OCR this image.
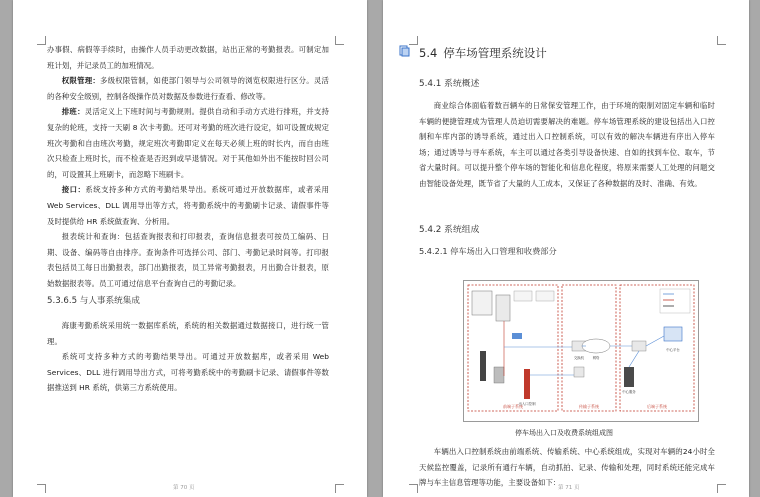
办事假、病假等手续时，由操作人员手动更改数据，站出正常的考勤报表。可制定加班计划，并记录员工的加班情况。

权限管理：多级权限管制，如使部门领导与公司领导的浏览权限进行区分。灵活的各种安全级别，控制各级操作员对数据及参数进行查看、修改等。

排班：灵活定义上下班时间与考勤规则。提供自动和手动方式进行排班，并支持复杂的轮班，支持一天刷 8 次卡考勤。还可对考勤的班次进行设定，如可设置成规定班次考勤和自由班次考勤，规定班次考勤即定义在每天必须上班的时长内，而自由班次只检查上班时长，而不检查是否迟到或早退情况。对于其他如外出不能按时回公司的，可设置其上班刷卡，而忽略下班刷卡。

接口：系统支持多种方式的考勤结果导出。系统可通过开放数据库，或者采用 Web Services、DLL 调用导出等方式，将考勤系统中的考勤刷卡记录、请假事件等及时提供给 HR 系统做查询、分析用。

报表统计和查询：包括查询报表和打印报表，查询信息报表可按员工编码、日期、设备、编码等自由排序。查询条件可选择公司、部门、考勤记录时间等。打印报表包括员工每日出勤报表，部门出勤报表，员工异常考勤报表，月出勤合计报表，原始数据报表等。员工可通过信息平台查询自己的考勤记录。

5.3.6.5 与人事系统集成

海康考勤系统采用统一数据库系统，系统的相关数据通过数据接口，进行统一管理。

系统可支持多种方式的考勤结果导出。可通过开放数据库，或者采用 Web Services、DLL 进行调用导出方式，可将考勤系统中的考勤刷卡记录、请假事件等数据推送到 HR 系统，供第三方系统使用。

第 70 页
5.4 停车场管理系统设计
5.4.1 系统概述

商业综合体面临着数百辆车的日常保安管理工作，由于环境的限制对固定车辆和临时车辆的便捷管理成为管理人员迫切需要解决的难题。停车场管理系统的建设包括出入口控制和车库内部的诱导系统，通过出入口控制系统，可以有效的解决车辆进有序出入停车场；通过诱导与寻车系统，车主可以通过各类引导设备快速、自如的找到车位、取车，节省大量时间。可以提升整个停车场的智能化和信息化程度，将原来需要人工处理的问题交由智能设备处理，既节省了大量的人工成本，又保证了各种数据的及时、准确、有效。

5.4.2 系统组成
5.4.2.1 停车场出入口管理和收费部分
前端子系统	传输子系统	后端子系统
中心平台
中心服务
交换机	网络
出入口控制
停车场出入口及收费系统组成图

车辆出入口控制系统由前端系统、传输系统、中心系统组成，实现对车辆的24小时全天候监控覆盖，记录所有通行车辆，自动抓拍、记录、传输和处理，同时系统还能完成车牌与车主信息管理等功能，主要设备如下：

第 71 页
